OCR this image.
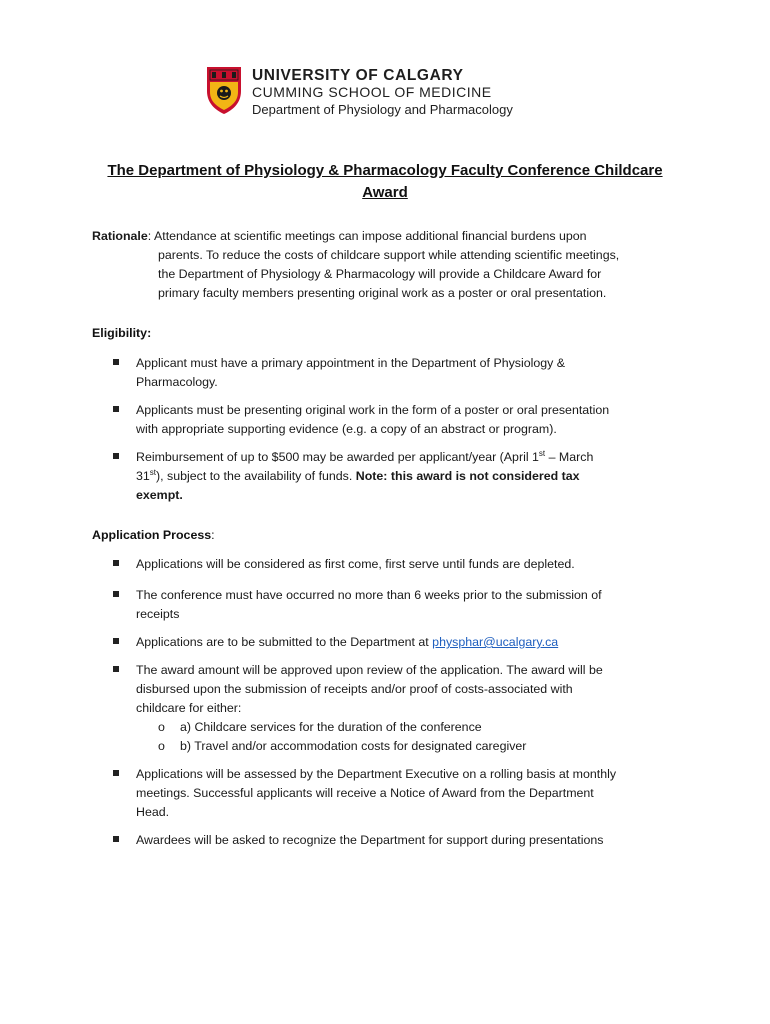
UNIVERSITY OF CALGARY
CUMMING SCHOOL OF MEDICINE
Department of Physiology and Pharmacology
The Department of Physiology & Pharmacology Faculty Conference Childcare
Award
Rationale: Attendance at scientific meetings can impose additional financial burdens upon
parents. To reduce the costs of childcare support while attending scientific meetings,
the Department of Physiology & Pharmacology will provide a Childcare Award for
primary faculty members presenting original work as a poster or oral presentation.
Eligibility:
Applicant must have a primary appointment in the Department of Physiology &
Pharmacology.
Applicants must be presenting original work in the form of a poster or oral presentation
with appropriate supporting evidence (e.g. a copy of an abstract or program).
Reimbursement of up to $500 may be awarded per applicant/year (April 1st – March
31st), subject to the availability of funds. Note: this award is not considered tax
exempt.
Application Process:
Applications will be considered as first come, first serve until funds are depleted.
The conference must have occurred no more than 6 weeks prior to the submission of
receipts
Applications are to be submitted to the Department at physphar@ucalgary.ca
The award amount will be approved upon review of the application. The award will be
disbursed upon the submission of receipts and/or proof of costs-associated with
childcare for either:
o a) Childcare services for the duration of the conference
o b) Travel and/or accommodation costs for designated caregiver
Applications will be assessed by the Department Executive on a rolling basis at monthly
meetings. Successful applicants will receive a Notice of Award from the Department
Head.
Awardees will be asked to recognize the Department for support during presentations
